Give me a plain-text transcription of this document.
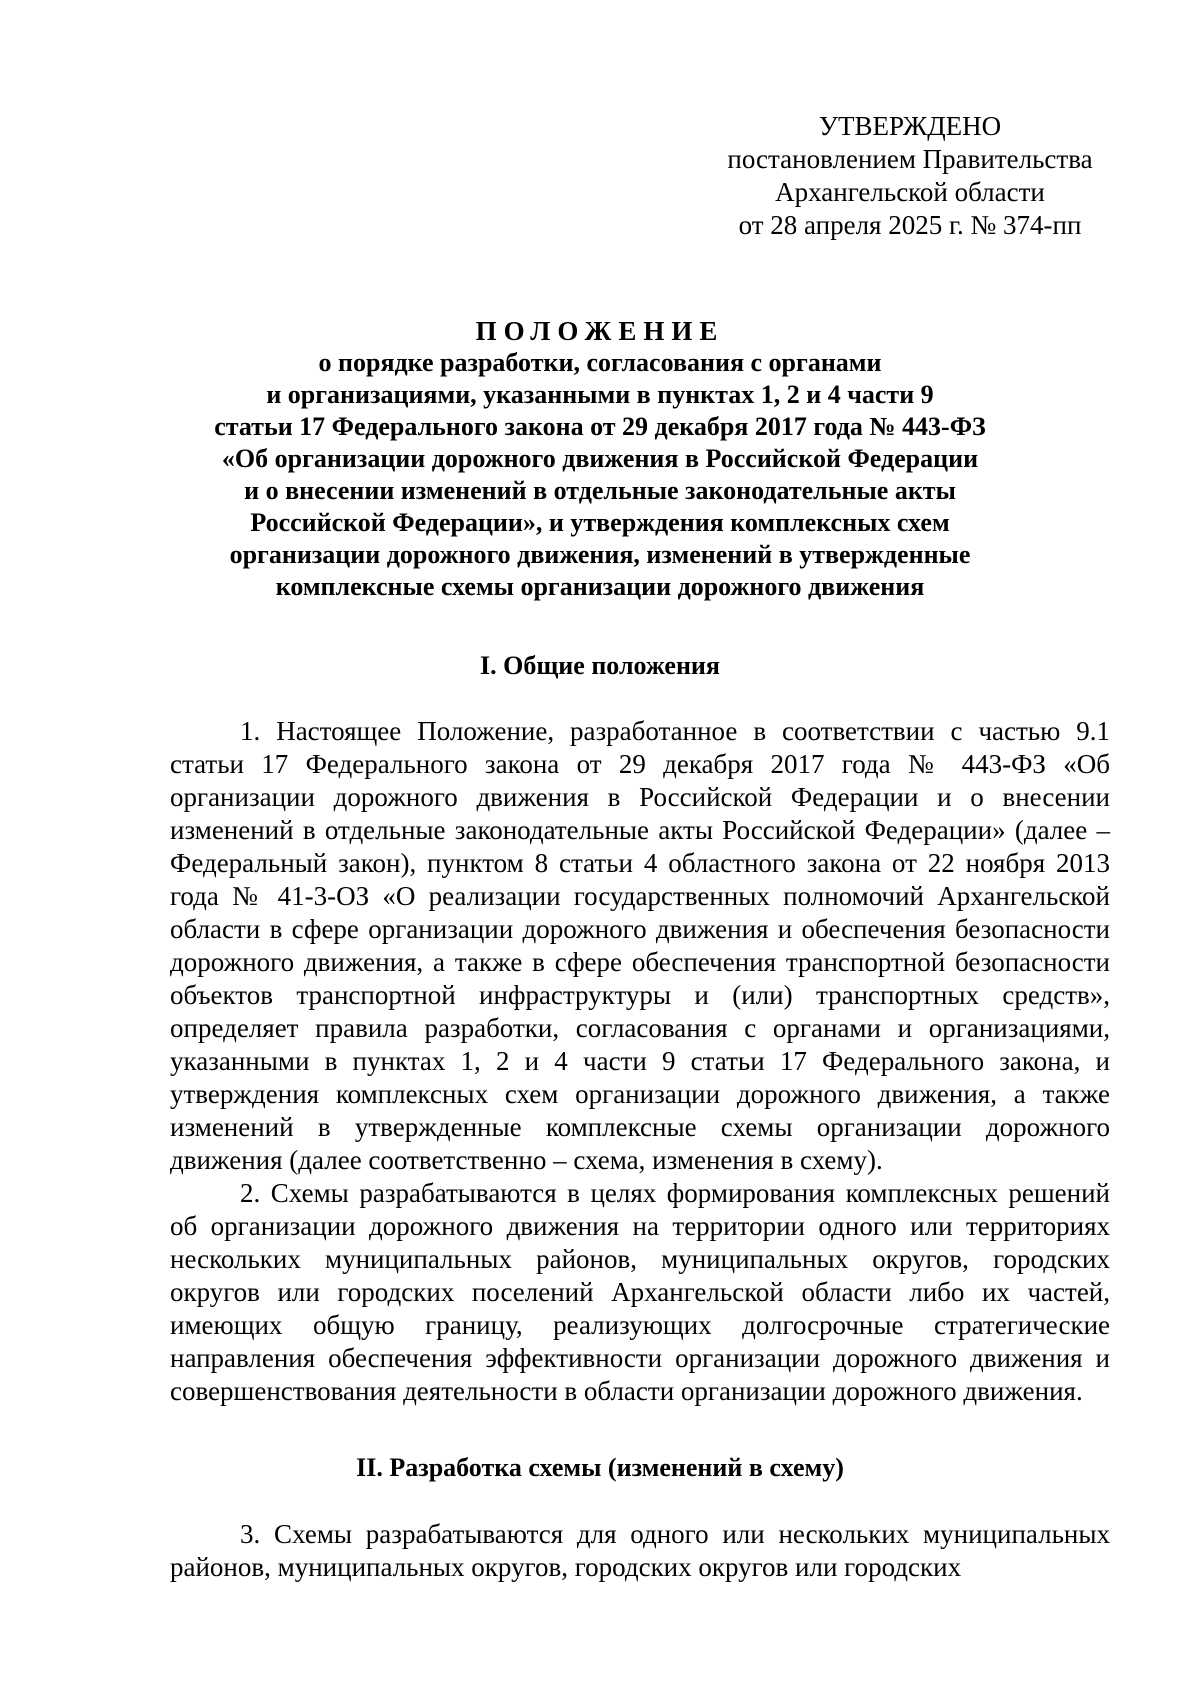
УТВЕРЖДЕНО
постановлением Правительства
Архангельской области
от 28 апреля 2025 г. № 374-пп
ПОЛОЖЕНИЕ
о порядке разработки, согласования с органами
и организациями, указанными в пунктах 1, 2 и 4 части 9
статьи 17 Федерального закона от 29 декабря 2017 года № 443-ФЗ
«Об организации дорожного движения в Российской Федерации
и о внесении изменений в отдельные законодательные акты
Российской Федерации», и утверждения комплексных схем
организации дорожного движения, изменений в утвержденные
комплексные схемы организации дорожного движения
I. Общие положения

1. Настоящее Положение, разработанное в соответствии с частью 9.1 статьи 17 Федерального закона от 29 декабря 2017 года № 443-ФЗ «Об организации дорожного движения в Российской Федерации и о внесении изменений в отдельные законодательные акты Российской Федерации» (далее – Федеральный закон), пунктом 8 статьи 4 областного закона от 22 ноября 2013 года № 41-3-ОЗ «О реализации государственных полномочий Архангельской области в сфере организации дорожного движения и обеспечения безопасности дорожного движения, а также в сфере обеспечения транспортной безопасности объектов транспортной инфраструктуры и (или) транспортных средств», определяет правила разработки, согласования с органами и организациями, указанными в пунктах 1, 2 и 4 части 9 статьи 17 Федерального закона, и утверждения комплексных схем организации дорожного движения, а также изменений в утвержденные комплексные схемы организации дорожного движения (далее соответственно – схема, изменения в схему).

2. Схемы разрабатываются в целях формирования комплексных решений об организации дорожного движения на территории одного или территориях нескольких муниципальных районов, муниципальных округов, городских округов или городских поселений Архангельской области либо их частей, имеющих общую границу, реализующих долгосрочные стратегические направления обеспечения эффективности организации дорожного движения и совершенствования деятельности в области организации дорожного движения.

II. Разработка схемы (изменений в схему)

3. Схемы разрабатываются для одного или нескольких муниципальных районов, муниципальных округов, городских округов или городских
